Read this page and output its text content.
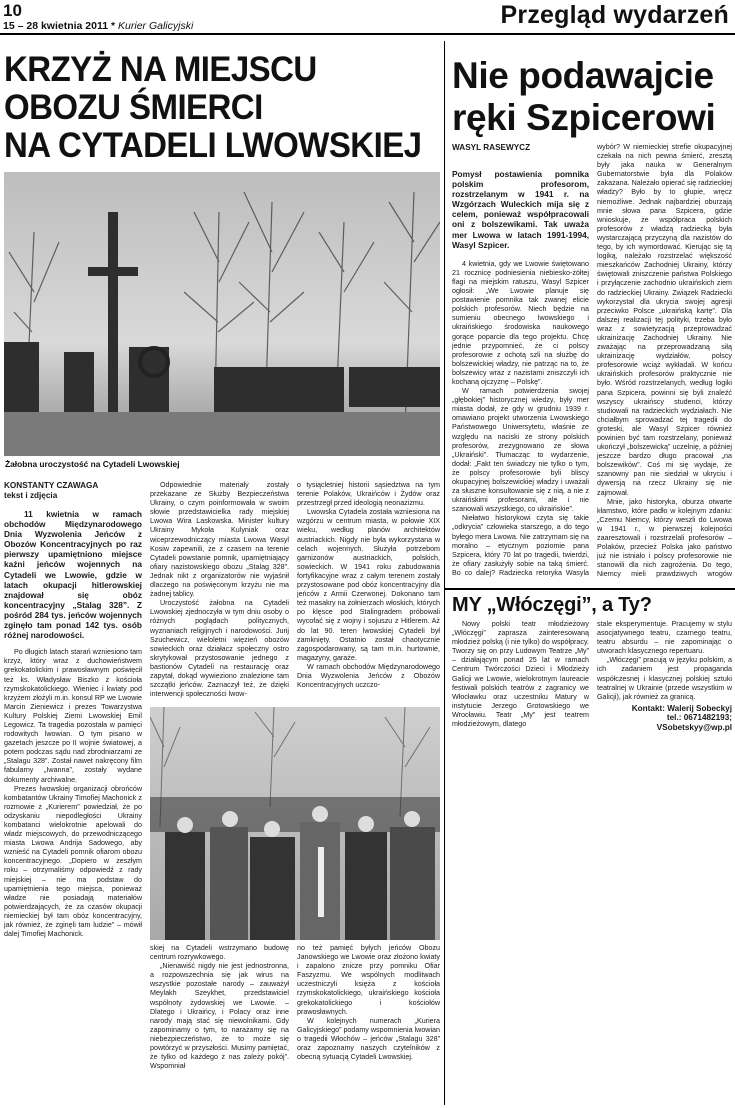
10
15 – 28 kwietnia 2011 * Kurier Galicyjski	Przegląd wydarzeń
KRZYŻ NA MIEJSCU
OBOZU ŚMIERCI
NA CYTADELI LWOWSKIEJ
Żałobna uroczystość na Cytadeli Lwowskiej
KONSTANTY CZAWAGA
tekst i zdjęcia

11 kwietnia w ramach obchodów Międzynarodowego Dnia Wyzwolenia Jeńców z Obozów Koncentracyjnych po raz pierwszy upamiętniono miejsce kaźni jeńców wojennych na Cytadeli we Lwowie, gdzie w latach okupacji hitlerowskiej znajdował się obóz koncentracyjny „Stalag 328”. Z pośród 284 tys. jeńców wojennych zginęło tam ponad 142 tys. osób różnej narodowości.

Po długich latach starań wzniesiono tam krzyż, który wraz z duchowieństwem grekokatolickim i prawosławnym poświęcił też ks. Władysław Biszko z kościoła rzymskokatolickiego. Wieniec i kwiaty pod krzyżem złożyli m.in. konsul RP we Lwowie Marcin Zieniewicz i prezes Towarzystwa Kultury Polskiej Ziemi Lwowskiej Emil Legowicz. Ta tragedia pozostała w pamięci rodowitych lwowian. O tym pisano w gazetach jeszcze po II wojnie światowej, a potem podczas sądu nad zbrodniarzami ze „Stalagu 328”. Został nawet nakręcony film fabularny „Iwanna”, zostały wydane dokumenty archiwalne.

Prezes lwowskiej organizacji obrońców kombatantów Ukrainy Timofiej Machonick z rozmowie z „Kurierem” powiedział, że po odzyskaniu niepodległości Ukrainy kombatanci wielokrotnie apelowali do władz miejscowych, do przewodniczącego miasta Lwowa Andrija Sadowego, aby wznieść na Cytadeli pomnik ofiarom obozu koncentracyjnego. „Dopiero w zeszłym roku – otrzymaliśmy odpowiedź z rady miejskiej – nie ma podstaw do upamiętnienia tego miejsca, ponieważ władze nie posiadają materiałów potwierdzających, że za czasów okupacji niemieckiej był tam obóz koncentracyjny, jak również, że zginęli tam ludzie” – mówił dalej Timofiej Machonick.

Odpowiednie materiały zostały przekazane ze Służby Bezpieczeństwa Ukrainy, o czym poinformowała w swoim słowie przedstawicielka rady miejskiej Lwowa Wira Laskowska. Minister kultury Ukrainy Mykoła Kulyniak oraz wiceprzewodniczący miasta Lwowa Wasyl Kosiw zapewnili, że z czasem na terenie Cytadeli powstanie pomnik, upamiętniający ofiary nazistowskiego obozu „Stalag 328”. Jednak nikt z organizatorów nie wyjaśnił dlaczego na poświęconym krzyżu nie ma żadnej tablicy.

Uroczystość żałobna na Cytadeli Lwowskiej zjednoczyła w tym dniu osoby o różnych poglądach politycznych, wyznaniach religijnych i narodowości. Jurij Szuchewicz, wieloletni więzień obozów sowieckich oraz działacz społeczny ostro skrytykował przystosowanie jednego z bastionów Cytadeli na restaurację oraz zapytał, dokąd wywieziono znalezione tam szczątki jeńców. Zaznaczył też, że dzięki interwencji społeczności lwow-

o tysiącletniej historii sąsiedztwa na tym terenie Polaków, Ukraińców i Żydów oraz przestrzegł przed ideologią neonazizmu.

Lwowska Cytadela została wzniesiona na wzgórzu w centrum miasta, w połowie XIX wieku, według planów architektów austriackich. Nigdy nie była wykorzystana w celach wojennych. Służyła potrzebom garnizonów austriackich, polskich, sowieckich. W 1941 roku zabudowania fortyfikacyjne wraz z całym terenem zostały przystosowane pod obóz koncentracyjny dla jeńców z Armii Czerwonej. Dokonano tam też masakry na żołnierzach włoskich, których po klęsce pod Stalingradem próbowali wycofać się z wojny i sojuszu z Hitlerem. Aż do lat 90. teren lwowskiej Cytadeli był zamknięty. Ostatnio został chaotycznie zagospodarowany, są tam m.in. hurtownie, magazyny, garaże.

W ramach obchodów Międzynarodowego Dnia Wyzwolenia Jeńców z Obozów Koncentracyjnych uczczo-

skiej na Cytadeli wstrzymano budowę centrum rozrywkowego.

„Nienawiść nigdy nie jest jednostronna, a rozpowszechnia się jak wirus na wszystkie pozostałe narody – zauważył Meylakh Szeykhet, przedstawiciel wspólnoty żydowskiej we Lwowie. – Dlatego i Ukraińcy, i Polacy oraz inne narody mają stać się niewolnikami. Gdy zapominamy o tym, to narażamy się na niebezpieczeństwo, że to może się powtórzyć w przyszłości. Musimy pamiętać, że tylko od każdego z nas zależy pokój”. Wspomniał

no też pamięć byłych jeńców Obozu Janowskiego we Lwowie oraz złożono kwiaty i zapalono znicze przy pomniku Ofiar Faszyzmu. We wspólnych modlitwach uczestniczyli księża z kościoła rzymskokatolickiego, ukraińskiego kościoła grekokatolickiego i kościołów prawosławnych.

W kolejnych numerach „Kuriera Galicyjskiego” podamy wspomnienia lwowian o tragedii Włochów – jeńców „Stalagu 328” oraz zapoznamy naszych czytelników z obecną sytuacją Cytadeli Lwowskiej.

Nie podawajcie
ręki Szpicerowi
WASYL RASEWYCZ

Pomysł postawienia pomnika polskim profesorom, rozstrzelanym w 1941 r. na Wzgórzach Wuleckich mija się z celem, ponieważ współpracowali oni z bolszewikami. Tak uważa mer Lwowa w latach 1991-1994, Wasyl Szpicer.

4 kwietnia, gdy we Lwowie świętowano 21 rocznicę podniesienia niebiesko-żółtej flagi na miejskim ratuszu, Wasyl Szpicer ogłosił: „We Lwowie planuje się postawienie pomnika tak zwanej elicie polskich profesorów. Niech będzie na sumieniu obecnego lwowskiego i ukraińskiego środowiska naukowego gorące poparcie dla tego projektu. Chcę jednie przypomnieć, że ci polscy profesorowie z ochotą szli na służbę do bolszewickiej władzy, nie patrząc na to, że bolszewicy wraz z nazistami zniszczyli ich kochaną ojczyznę – Polskę”.

W ramach potwierdzenia swojej „głębokiej” historycznej wiedzy, były mer miasta dodał, że gdy w grudniu 1939 r. omawiano projekt utworzenia Lwowskiego Państwowego Uniwersytetu, właśnie ze względu na naciski ze strony polskich profesorów, zrezygnowano ze słowa „Ukraiński”. Tłumacząc to wydarzenie, dodał: „Fakt ten świadczy nie tylko o tym, że polscy profesorowie byli bliscy okupacyjnej bolszewickiej władzy i uważali za słuszne konsultowanie się z nią, a nie z ukraińskimi profesorami, ale i nie szanowali wszystkiego, co ukraińskie”.

Niełatwo historykowi czyta się takie „odkrycia” człowieka starszego, a do tego byłego mera Lwowa. Nie zatrzymam się na moralno – etycznym poziomie pana Szpicera, który 70 lat po tragedii, twierdzi, że ofiary zasłużyły sobie na taką śmierć. Bo co dalej? Radziecka retoryka Wasyla

wybór? W niemieckiej strefie okupacyjnej czekała na nich pewna śmierć, zresztą były jaka nauka w Generalnym Gubernatorstwie była dla Polaków zakazana. Należało opierać się radzieckiej władzy? Było by to głupie, wręcz niemożliwe. Jednak najbardziej oburzają mnie słowa pana Szpicera, gdzie wnioskuje, że współpraca polskich profesorów z władzą radziecką była wystarczającą przyczyną dla nazistów do tego, by ich wymordować. Kierując się tą logiką, należało rozstrzelać większość mieszkańców Zachodniej Ukrainy, którzy świętowali zniszczenie państwa Polskiego i przyłączenie zachodnio ukraińskich ziem do radzieckiej Ukrainy. Związek Radziecki wykorzystał dla ukrycia swojej agresji przeciwko Polsce „ukraińską kartę”. Dla dalszej realizacji tej polityki, trzeba było wraz z sowietyzacją przeprowadzać ukrainizację Zachodniej Ukrainy. Nie zważając na przeprowadzaną siłą ukrainizację wydziałów, polscy profesorowie wciąż wykładali. W końcu ukraińskich profesorów praktycznie nie było. Wśród rozstrzelanych, według logiki pana Szpicera, powinni się byli znaleźć wszyscy ukraińscy studenci, którzy studiowali na radzieckich wydziałach. Nie chciałbym sprowadzać tej tragedii do groteski, ale Wasyl Szpicer również powinien być tam rozstrzelany, ponieważ ukończył „bolszewicką” uczelnię, a później jeszcze bardzo długo pracował „na bolszewików”. Coś mi się wydaje, że szanowny pan nie siedział w ukryciu i dywersją na rzecz Ukrainy się nie zajmował.

Mnie, jako historyka, oburza otwarte kłamstwo, które padło w kolejnym zdaniu: „Czemu Niemcy, którzy weszli do Lwowa w 1941 r., w pierwszej kolejności zaaresztowali i rozstrzelali profesorów – Polaków, przecież Polska jako państwo już nie istniało i polscy profesorowie nie stanowili dla nich zagrożenia. Do tego, Niemcy mieli prawdziwych wrogów

MY „Włóczęgi”, a Ty?

Nowy polski teatr młodzieżowy „Włóczęgi” zaprasza zainteresowaną młodzież polską (i nie tylko) do współpracy. Tworzy się on przy Ludowym Teatrze „My” – działającym ponad 25 lat w ramach Centrum Twórczości Dzieci i Młodzieży Galicji we Lwowie, wielokrotnym laureacie festiwali polskich teatrów z zagranicy we Włocławku oraz uczestniku Matury w instytucie Jerzego Grotowskiego we Wrocławiu. Teatr „My” jest teatrem młodzieżowym, dlatego

stale eksperymentuje. Pracujemy w stylu asocjatywnego teatru, czarnego teatru, teatru absurdu – nie zapominając o utworach klasycznego repertuaru.

„Włóczęgi” pracują w języku polskim, a ich zadaniem jest propaganda współczesnej i klasycznej polskiej sztuki teatralnej w Ukrainie (przede wszystkim w Galicji), jak również za granicą.

Kontakt: Walerij Sobeckyj
tel.: 0671482193;
VSobetskyy@wp.pl
